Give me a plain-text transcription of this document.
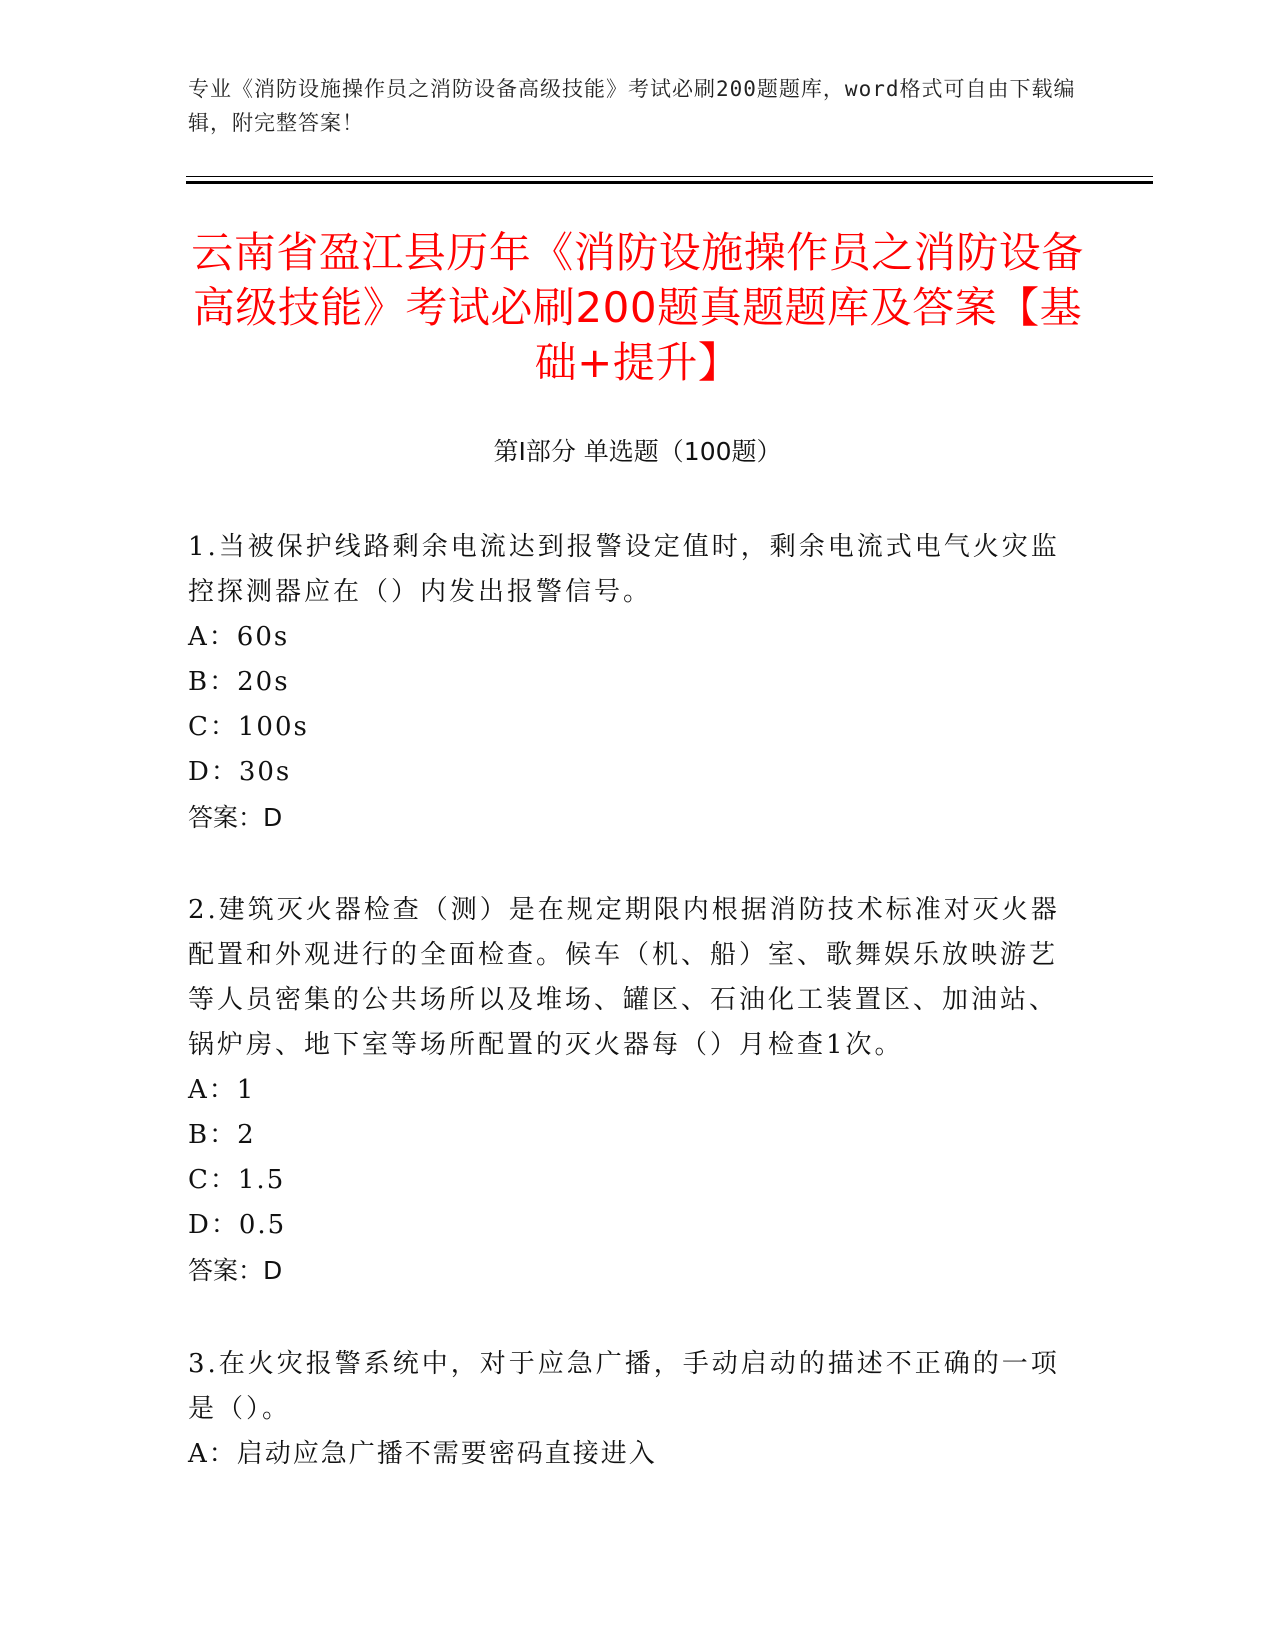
专业《消防设施操作员之消防设备高级技能》考试必刷200题题库，word格式可自由下载编辑，附完整答案！
云南省盈江县历年《消防设施操作员之消防设备高级技能》考试必刷200题真题题库及答案【基础+提升】
第Ⅰ部分 单选题（100题）

1.当被保护线路剩余电流达到报警设定值时，剩余电流式电气火灾监控探测器应在（）内发出报警信号。

A：60s

B：20s

C：100s

D：30s

答案：D

2.建筑灭火器检查（测）是在规定期限内根据消防技术标准对灭火器配置和外观进行的全面检查。候车（机、船）室、歌舞娱乐放映游艺等人员密集的公共场所以及堆场、罐区、石油化工装置区、加油站、锅炉房、地下室等场所配置的灭火器每（）月检查1次。

A：1

B：2

C：1.5

D：0.5

答案：D

3.在火灾报警系统中，对于应急广播，手动启动的描述不正确的一项是（）。

A：启动应急广播不需要密码直接进入
